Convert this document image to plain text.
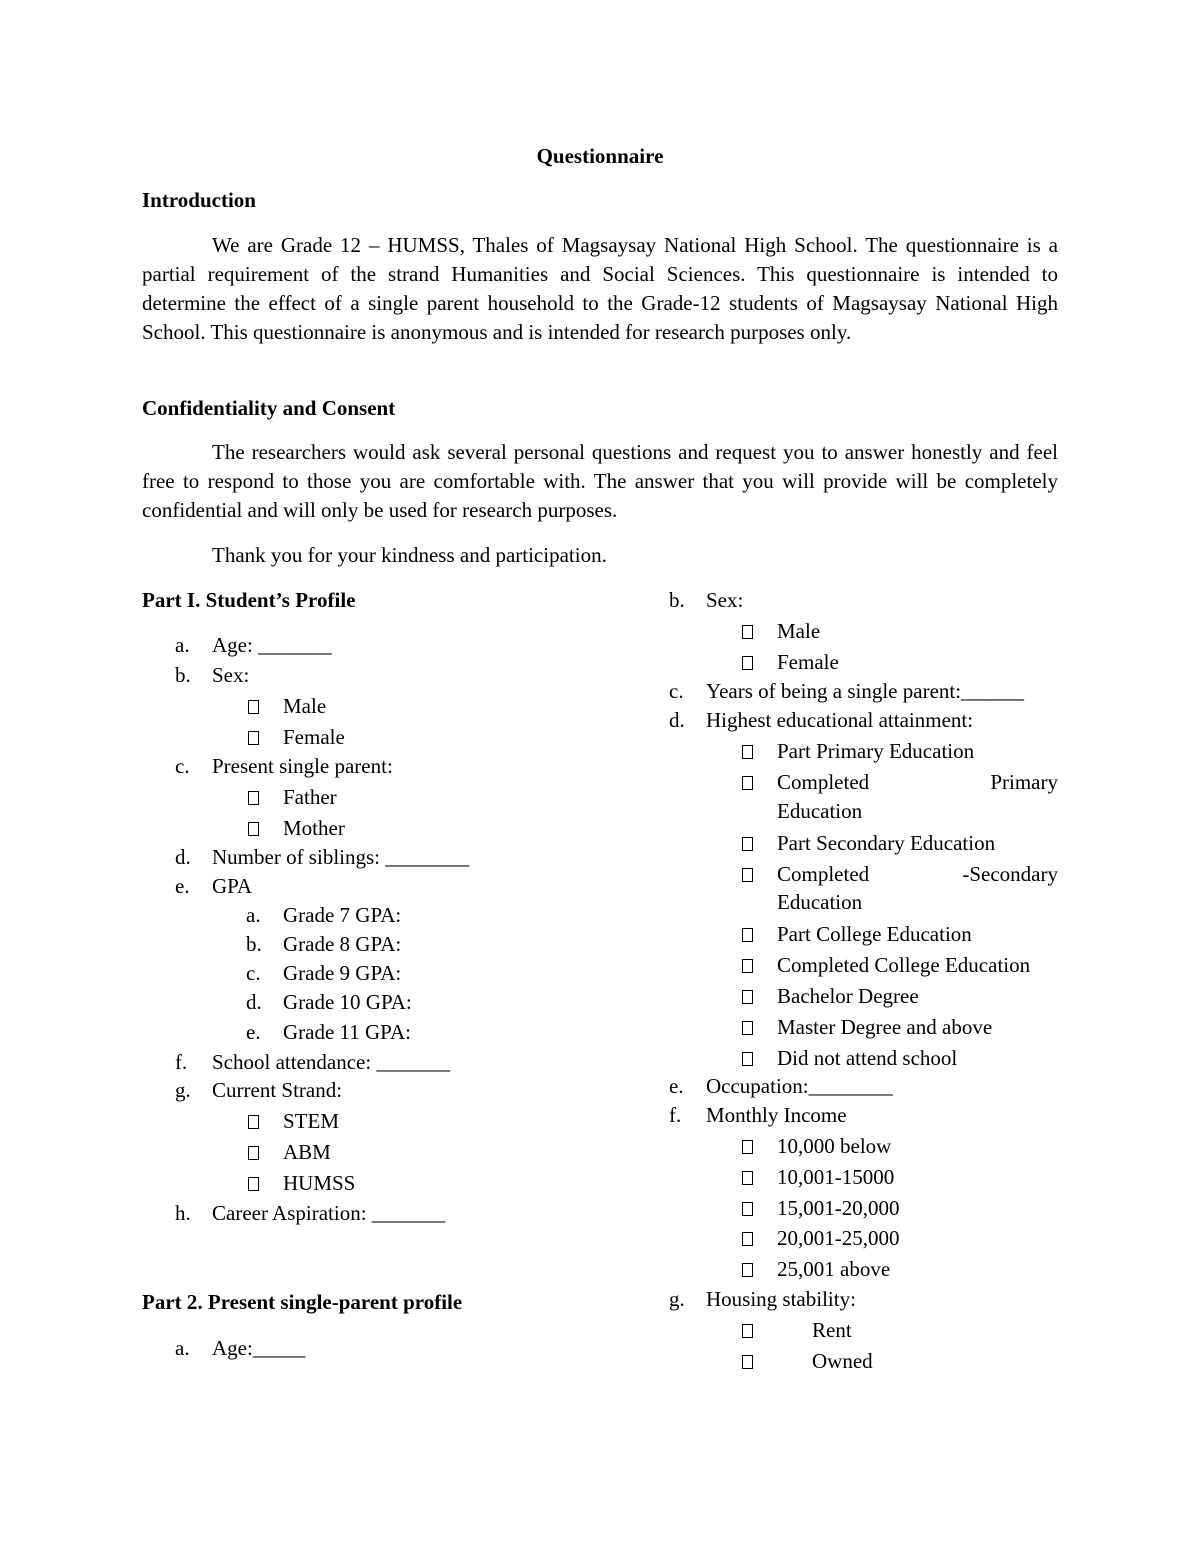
Questionnaire
Introduction
We are Grade 12 – HUMSS, Thales of Magsaysay National High School. The questionnaire is a partial requirement of the strand Humanities and Social Sciences. This questionnaire is intended to determine the effect of a single parent household to the Grade-12 students of Magsaysay National High School. This questionnaire is anonymous and is intended for research purposes only.
Confidentiality and Consent
The researchers would ask several personal questions and request you to answer honestly and feel free to respond to those you are comfortable with. The answer that you will provide will be completely confidential and will only be used for research purposes.
Thank you for your kindness and participation.
Part I. Student’s Profile
a. Age: _______
b. Sex:
Male
Female
c. Present single parent:
Father
Mother
d. Number of siblings: ________
e. GPA
a. Grade 7 GPA:
b. Grade 8 GPA:
c. Grade 9 GPA:
d. Grade 10 GPA:
e. Grade 11 GPA:
f. School attendance: _______
g. Current Strand:
STEM
ABM
HUMSS
h. Career Aspiration: _______
Part 2. Present single-parent profile
a. Age:_____
b. Sex:
Male
Female
c. Years of being a single parent:______
d. Highest educational attainment:
Part Primary Education
Completed	Primary
Education
Part Secondary Education
Completed	-Secondary
Education
Part College Education
Completed College Education
Bachelor Degree
Master Degree and above
Did not attend school
e. Occupation:________
f. Monthly Income
10,000 below
10,001-15000
15,001-20,000
20,001-25,000
25,001 above
g. Housing stability:
Rent
Owned
